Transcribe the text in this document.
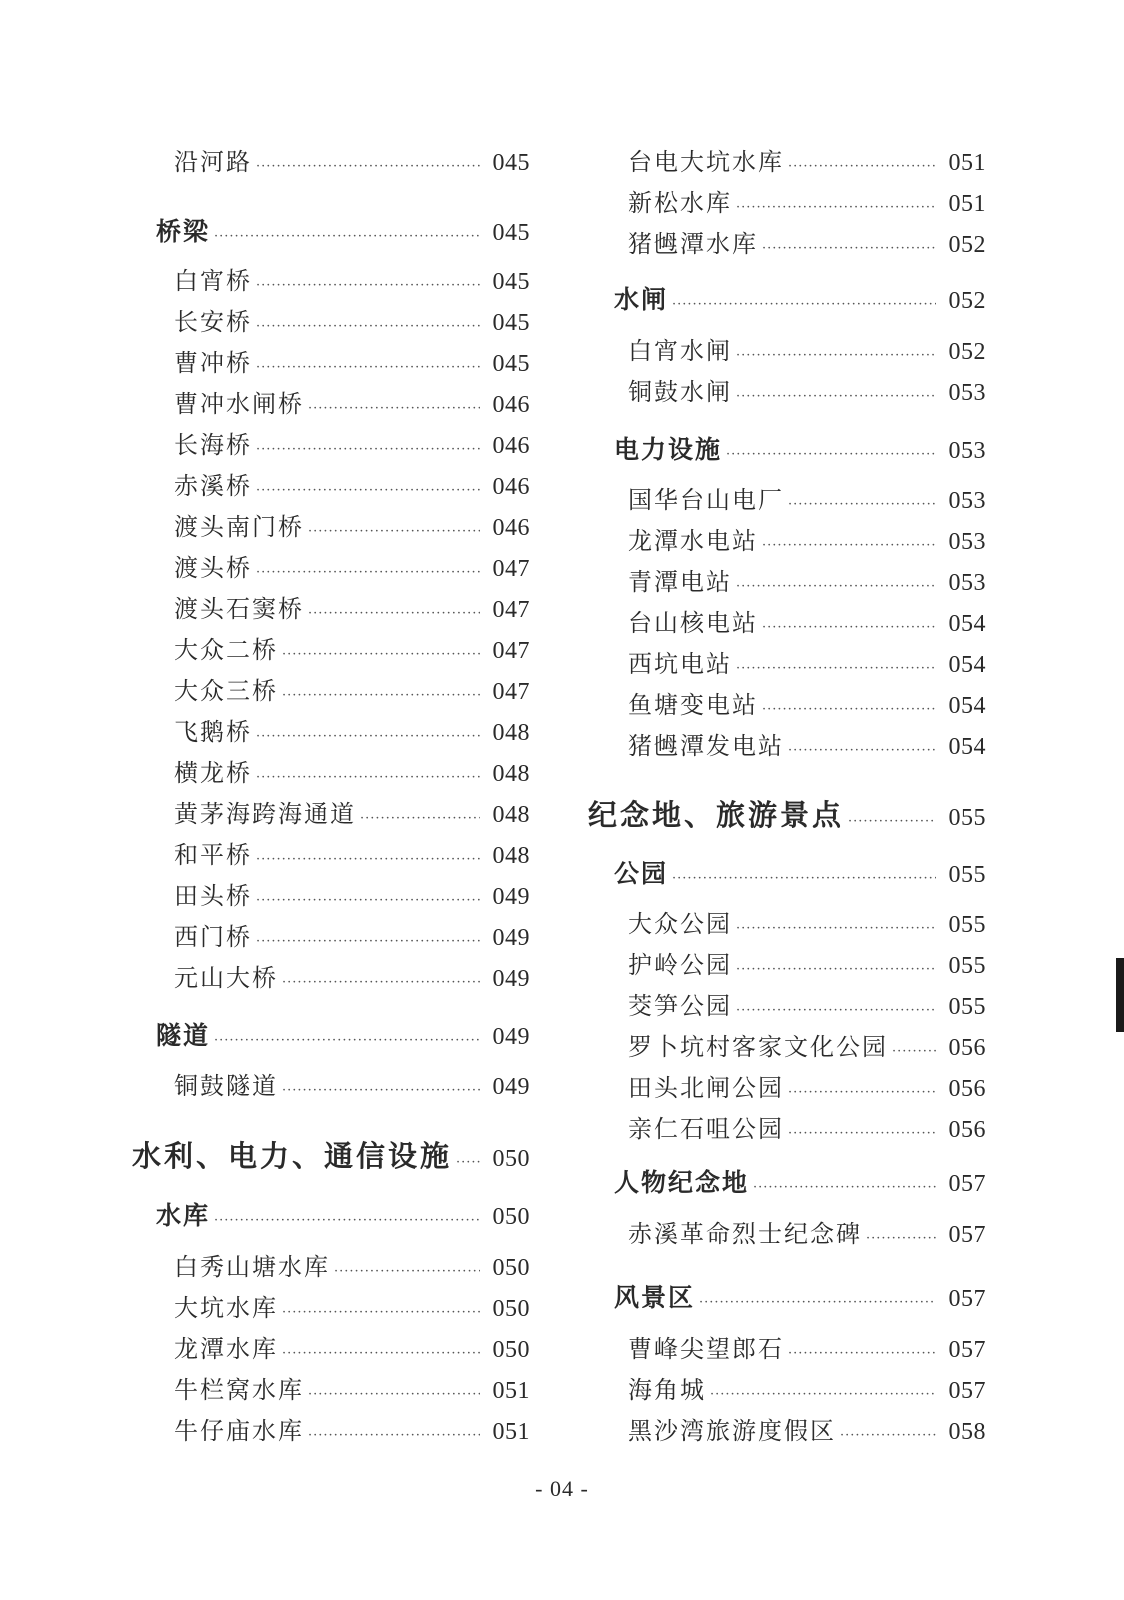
沿河路 ·····	045
桥梁 ·····	045
白宵桥 ·····	045
长安桥 ·····	045
曹冲桥 ·····	045
曹冲水闸桥 ·····	046
长海桥 ·····	046
赤溪桥 ·····	046
渡头南门桥 ·····	046
渡头桥 ·····	047
渡头石窦桥 ·····	047
大众二桥 ·····	047
大众三桥 ·····	047
飞鹅桥 ·····	048
横龙桥 ·····	048
黄茅海跨海通道 ·····	048
和平桥 ·····	048
田头桥 ·····	049
西门桥 ·····	049
元山大桥 ·····	049
隧道 ·····	049
铜鼓隧道 ·····	049
水利、电力、通信设施 ····· 050
水库 ·····	050
白秀山塘水库 ·····	050
大坑水库 ·····	050
龙潭水库 ·····	050
牛栏窝水库 ·····	051
牛仔庙水库 ·····	051
台电大坑水库 ·····	051
新松水库 ·····	051
猪乸潭水库 ·····	052
水闸 ·····	052
白宵水闸 ·····	052
铜鼓水闸 ·····	053
电力设施 ·····	053
国华台山电厂 ·····	053
龙潭水电站 ·····	053
青潭电站 ·····	053
台山核电站 ·····	054
西坑电站 ·····	054
鱼塘变电站 ·····	054
猪乸潭发电站 ·····	054
纪念地、旅游景点 ·····	055
公园 ·····	055
大众公园 ·····	055
护岭公园 ·····	055
茭笋公园 ·····	055
罗卜坑村客家文化公园 ·····	056
田头北闸公园 ·····	056
亲仁石咀公园 ·····	056
人物纪念地 ·····	057
赤溪革命烈士纪念碑 ·····	057
风景区 ·····	057
曹峰尖望郎石 ·····	057
海角城 ·····	057
黑沙湾旅游度假区 ·····	058
- 04 -
